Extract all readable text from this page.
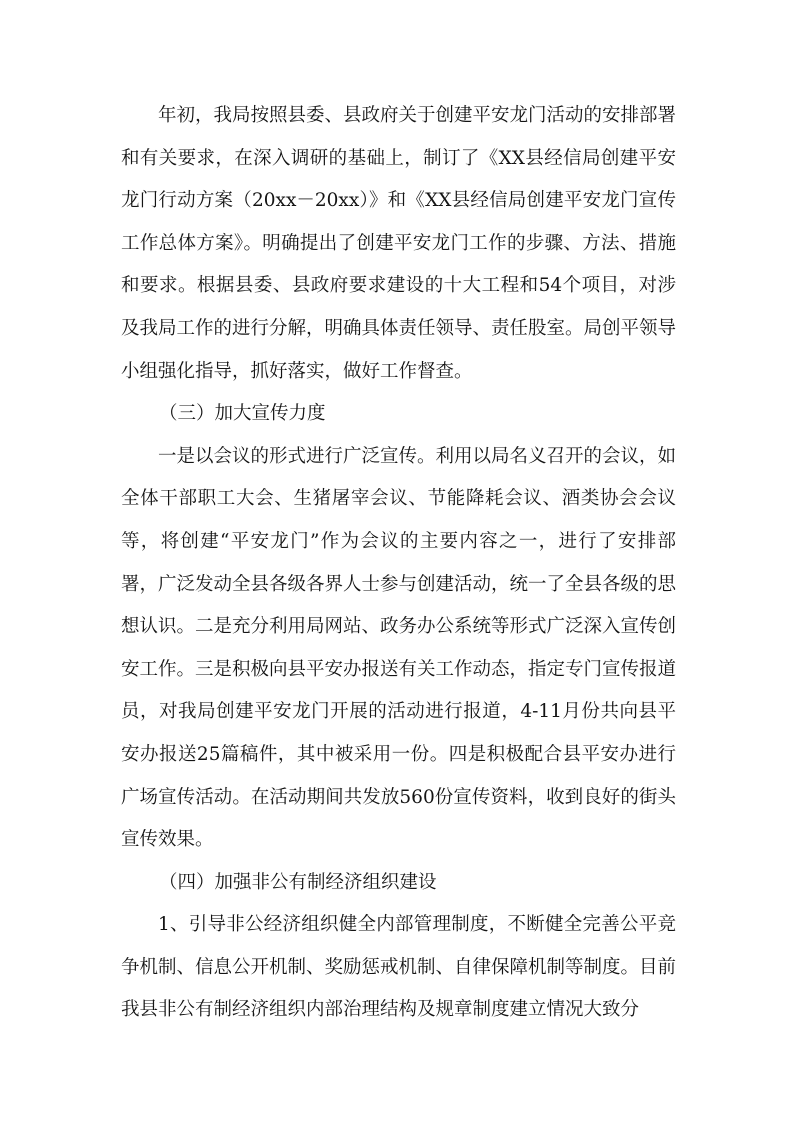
年初，我局按照县委、县政府关于创建平安龙门活动的安排部署和有关要求，在深入调研的基础上，制订了《XX县经信局创建平安龙门行动方案（20xx－20xx）》和《XX县经信局创建平安龙门宣传工作总体方案》。明确提出了创建平安龙门工作的步骤、方法、措施和要求。根据县委、县政府要求建设的十大工程和54个项目，对涉及我局工作的进行分解，明确具体责任领导、责任股室。局创平领导小组强化指导，抓好落实，做好工作督查。

（三）加大宣传力度

一是以会议的形式进行广泛宣传。利用以局名义召开的会议，如全体干部职工大会、生猪屠宰会议、节能降耗会议、酒类协会会议等，将创建“平安龙门”作为会议的主要内容之一，进行了安排部署，广泛发动全县各级各界人士参与创建活动，统一了全县各级的思想认识。二是充分利用局网站、政务办公系统等形式广泛深入宣传创安工作。三是积极向县平安办报送有关工作动态，指定专门宣传报道员，对我局创建平安龙门开展的活动进行报道，4-11月份共向县平安办报送25篇稿件，其中被采用一份。四是积极配合县平安办进行广场宣传活动。在活动期间共发放560份宣传资料，收到良好的街头宣传效果。

（四）加强非公有制经济组织建设

1、引导非公经济组织健全内部管理制度，不断健全完善公平竞争机制、信息公开机制、奖励惩戒机制、自律保障机制等制度。目前我县非公有制经济组织内部治理结构及规章制度建立情况大致分
